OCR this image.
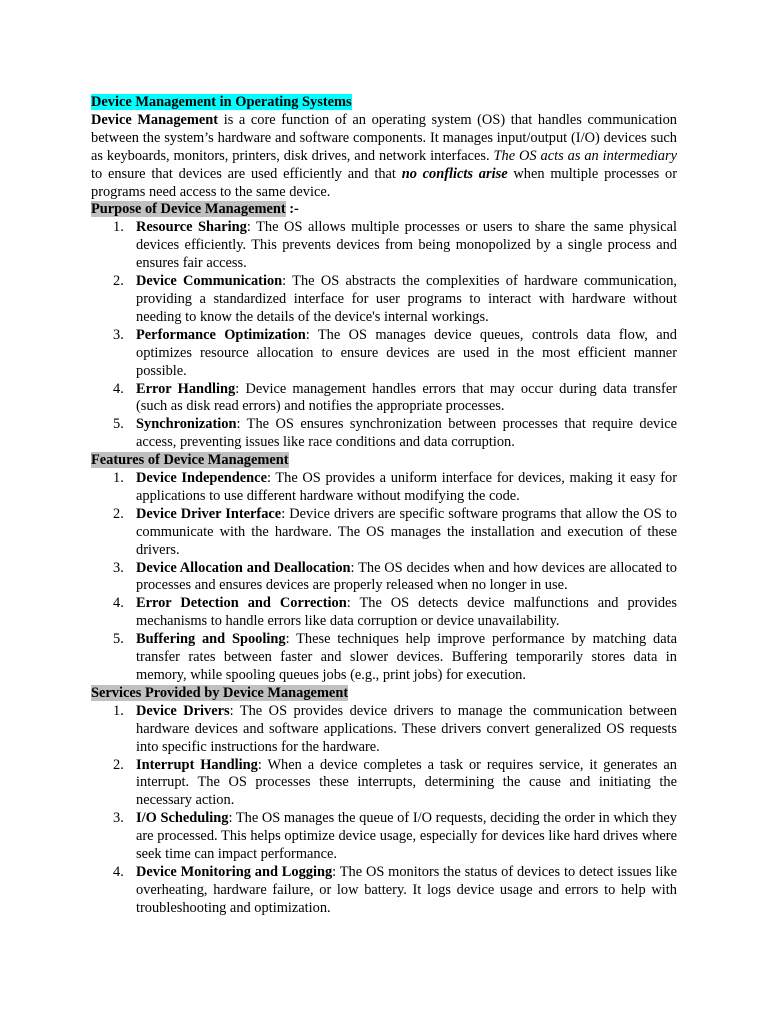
Device Management in Operating Systems

Device Management is a core function of an operating system (OS) that handles communication between the system’s hardware and software components. It manages input/output (I/O) devices such as keyboards, monitors, printers, disk drives, and network interfaces. The OS acts as an intermediary to ensure that devices are used efficiently and that no conflicts arise when multiple processes or programs need access to the same device.

Purpose of Device Management :-

1. Resource Sharing: The OS allows multiple processes or users to share the same physical devices efficiently. This prevents devices from being monopolized by a single process and ensures fair access.
2. Device Communication: The OS abstracts the complexities of hardware communication, providing a standardized interface for user programs to interact with hardware without needing to know the details of the device's internal workings.
3. Performance Optimization: The OS manages device queues, controls data flow, and optimizes resource allocation to ensure devices are used in the most efficient manner possible.
4. Error Handling: Device management handles errors that may occur during data transfer (such as disk read errors) and notifies the appropriate processes.
5. Synchronization: The OS ensures synchronization between processes that require device access, preventing issues like race conditions and data corruption.

Features of Device Management

1. Device Independence: The OS provides a uniform interface for devices, making it easy for applications to use different hardware without modifying the code.
2. Device Driver Interface: Device drivers are specific software programs that allow the OS to communicate with the hardware. The OS manages the installation and execution of these drivers.
3. Device Allocation and Deallocation: The OS decides when and how devices are allocated to processes and ensures devices are properly released when no longer in use.
4. Error Detection and Correction: The OS detects device malfunctions and provides mechanisms to handle errors like data corruption or device unavailability.
5. Buffering and Spooling: These techniques help improve performance by matching data transfer rates between faster and slower devices. Buffering temporarily stores data in memory, while spooling queues jobs (e.g., print jobs) for execution.

Services Provided by Device Management

1. Device Drivers: The OS provides device drivers to manage the communication between hardware devices and software applications. These drivers convert generalized OS requests into specific instructions for the hardware.
2. Interrupt Handling: When a device completes a task or requires service, it generates an interrupt. The OS processes these interrupts, determining the cause and initiating the necessary action.
3. I/O Scheduling: The OS manages the queue of I/O requests, deciding the order in which they are processed. This helps optimize device usage, especially for devices like hard drives where seek time can impact performance.
4. Device Monitoring and Logging: The OS monitors the status of devices to detect issues like overheating, hardware failure, or low battery. It logs device usage and errors to help with troubleshooting and optimization.
